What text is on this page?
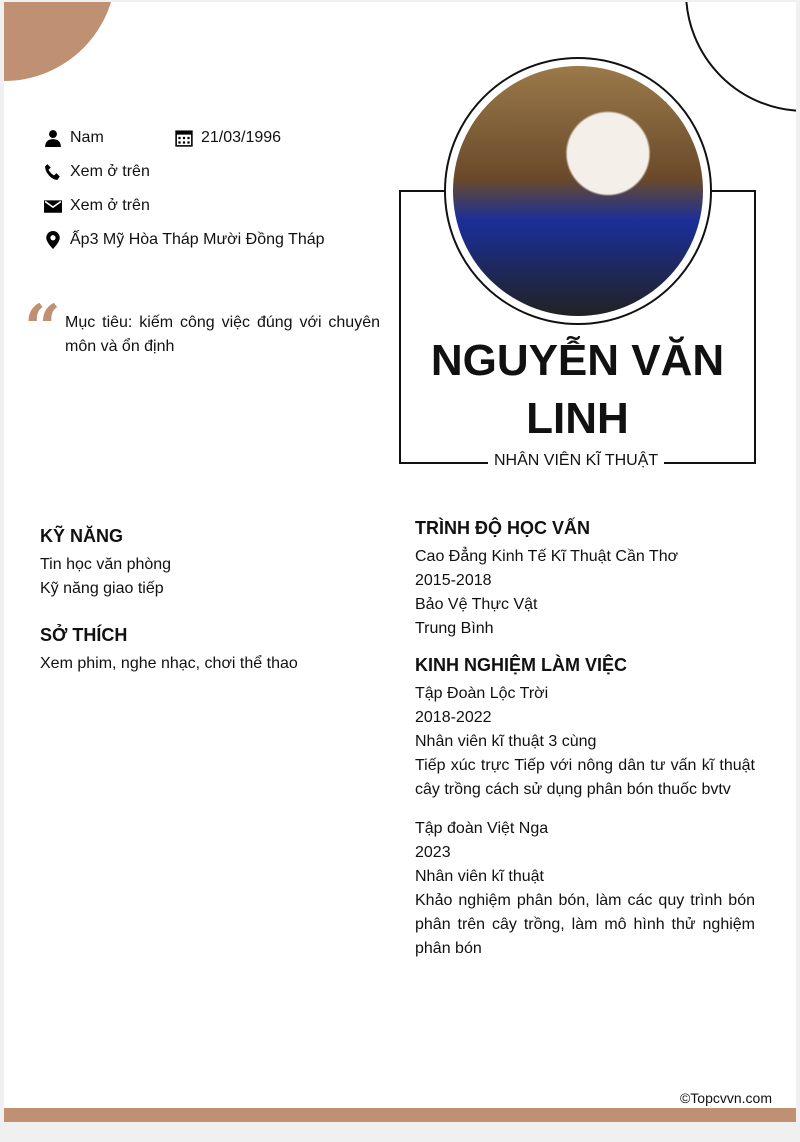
Nam	21/03/1996
Xem ở trên
Xem ở trên
Ấp3 Mỹ Hòa Tháp Mười Đồng Tháp
“ Mục tiêu: kiếm công việc đúng với chuyên môn và ổn định	NGUYỄN VĂN LINH
NHÂN VIÊN KĨ THUẬT
KỸ NĂNG
Tin học văn phòng
Kỹ năng giao tiếp
SỞ THÍCH
Xem phim, nghe nhạc, chơi thể thao
TRÌNH ĐỘ HỌC VẤN
Cao Đẳng Kinh Tế Kĩ Thuật Cần Thơ
2015-2018
Bảo Vệ Thực Vật
Trung Bình
KINH NGHIỆM LÀM VIỆC
Tập Đoàn Lộc Trời
2018-2022
Nhân viên kĩ thuật 3 cùng
Tiếp xúc trực Tiếp với nông dân tư vấn kĩ thuật cây trồng cách sử dụng phân bón thuốc bvtv
Tập đoàn Việt Nga
2023
Nhân viên kĩ thuật
Khảo nghiệm phân bón, làm các quy trình bón phân trên cây trồng, làm mô hình thử nghiệm phân bón
©Topcvvn.com
